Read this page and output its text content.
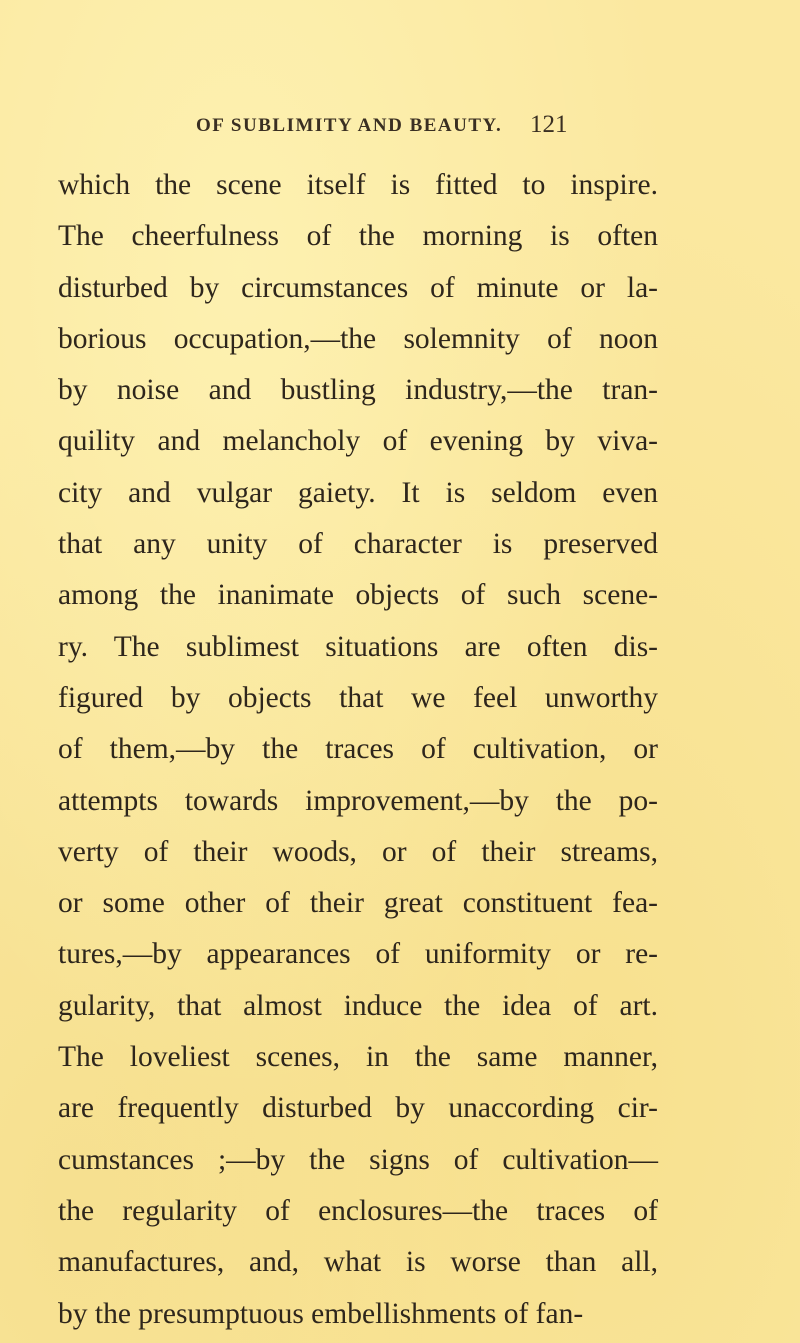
OF SUBLIMITY AND BEAUTY. 121
which the scene itself is fitted to inspire.
The cheerfulness of the morning is often
disturbed by circumstances of minute or la-
borious occupation,—the solemnity of noon
by noise and bustling industry,—the tran-
quility and melancholy of evening by viva-
city and vulgar gaiety. It is seldom even
that any unity of character is preserved
among the inanimate objects of such scene-
ry. The sublimest situations are often dis-
figured by objects that we feel unworthy
of them,—by the traces of cultivation, or
attempts towards improvement,—by the po-
verty of their woods, or of their streams,
or some other of their great constituent fea-
tures,—by appearances of uniformity or re-
gularity, that almost induce the idea of art.
The loveliest scenes, in the same manner,
are frequently disturbed by unaccording cir-
cumstances ;—by the signs of cultivation—
the regularity of enclosures—the traces of
manufactures, and, what is worse than all,
by the presumptuous embellishments of fan-
